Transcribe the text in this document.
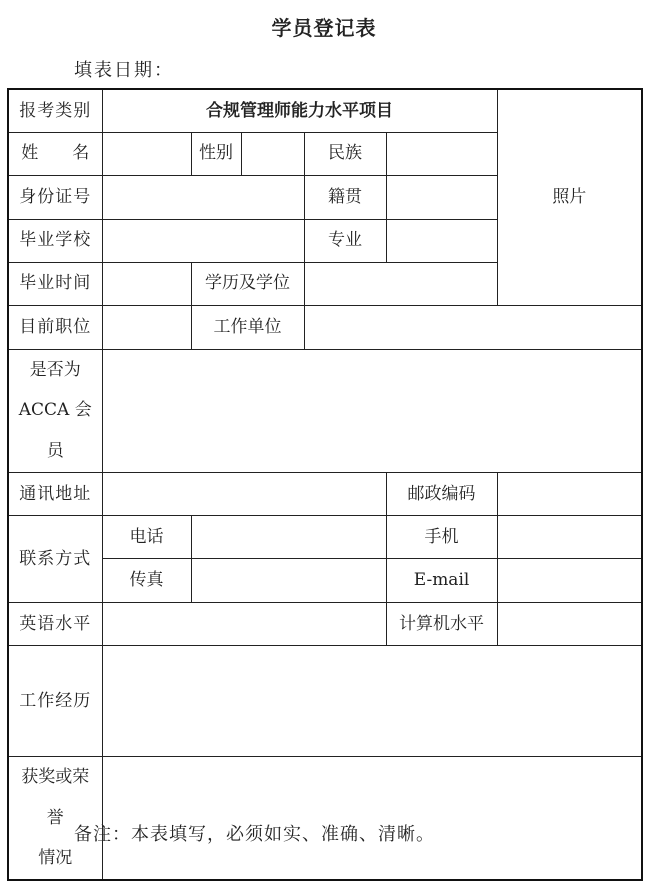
学员登记表
填表日期：
报考类别	合规管理师能力水平项目					照片
姓　　名		性别		民族		
身份证号				籍贯		
毕业学校				专业		
毕业时间		学历及学位				
目前职位		工作单位				

是否为
ACCA 会员						

通讯地址					邮政编码	
联系方式	电话				手机	
	传真				E-mail	
英语水平					计算机水平	
工作经历						

获奖或荣誉
情况						

备注：本表填写，必须如实、准确、清晰。
